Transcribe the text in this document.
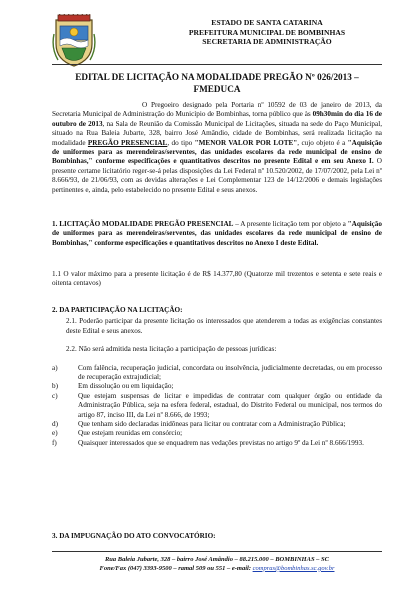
ESTADO DE SANTA CATARINA
PREFEITURA MUNICIPAL DE BOMBINHAS
SECRETARIA DE ADMINISTRAÇÃO
EDITAL DE LICITAÇÃO NA MODALIDADE PREGÃO Nº 026/2013 –
FMEDUCA

O Pregoeiro designado pela Portaria nº 10592 de 03 de janeiro de 2013, da Secretaria Municipal de Administração do Município de Bombinhas, torna público que às 09h30min do dia 16 de outubro de 2013, na Sala de Reunião da Comissão Municipal de Licitações, situada na sede do Paço Municipal, situado na Rua Baleia Jubarte, 328, bairro José Amândio, cidade de Bombinhas, será realizada licitação na modalidade PREGÃO PRESENCIAL, do tipo "MENOR VALOR POR LOTE", cujo objeto é a "Aquisição de uniformes para as merendeiras/serventes, das unidades escolares da rede municipal de ensino de Bombinhas," conforme especificações e quantitativos descritos no presente Edital e em seu Anexo I. O presente certame licitatório reger-se-á pelas disposições da Lei Federal nº 10.520/2002, de 17/07/2002, pela Lei nº 8.666/93, de 21/06/93, com as devidas alterações e Lei Complementar 123 de 14/12/2006 e demais legislações pertinentes e, ainda, pelo estabelecido no presente Edital e seus anexos.

1. LICITAÇÃO MODALIDADE PREGÃO PRESENCIAL – A presente licitação tem por objeto a "Aquisição de uniformes para as merendeiras/serventes, das unidades escolares da rede municipal de ensino de Bombinhas," conforme especificações e quantitativos descritos no Anexo I deste Edital.

1.1 O valor máximo para a presente licitação é de R$ 14.377,80 (Quatorze mil trezentos e setenta e sete reais e oitenta centavos)

2. DA PARTICIPAÇÃO NA LICITAÇÃO:

2.1. Poderão participar da presente licitação os interessados que atenderem a todas as exigências constantes deste Edital e seus anexos.

2.2. Não será admitida nesta licitação a participação de pessoas jurídicas:

a)	Com falência, recuperação judicial, concordata ou insolvência, judicialmente decretadas, ou em processo de recuperação extrajudicial;
b)	Em dissolução ou em liquidação;
c)	Que estejam suspensas de licitar e impedidas de contratar com qualquer órgão ou entidade da Administração Pública, seja na esfera federal, estadual, do Distrito Federal ou municipal, nos termos do artigo 87, inciso III, da Lei nº 8.666, de 1993;
d)	Que tenham sido declaradas inidôneas para licitar ou contratar com a Administração Pública;
e)	Que estejam reunidas em consórcio;
f)	Quaisquer interessados que se enquadrem nas vedações previstas no artigo 9º da Lei nº 8.666/1993.

3. DA IMPUGNAÇÃO DO ATO CONVOCATÓRIO:

Rua Baleia Jubarte, 328 – bairro José Amândio – 88.215.000 – BOMBINHAS – SC
Fone/Fax (047) 3393-9500 – ramal 509 ou 551 – e-mail: compras@bombinhas.sc.gov.br
